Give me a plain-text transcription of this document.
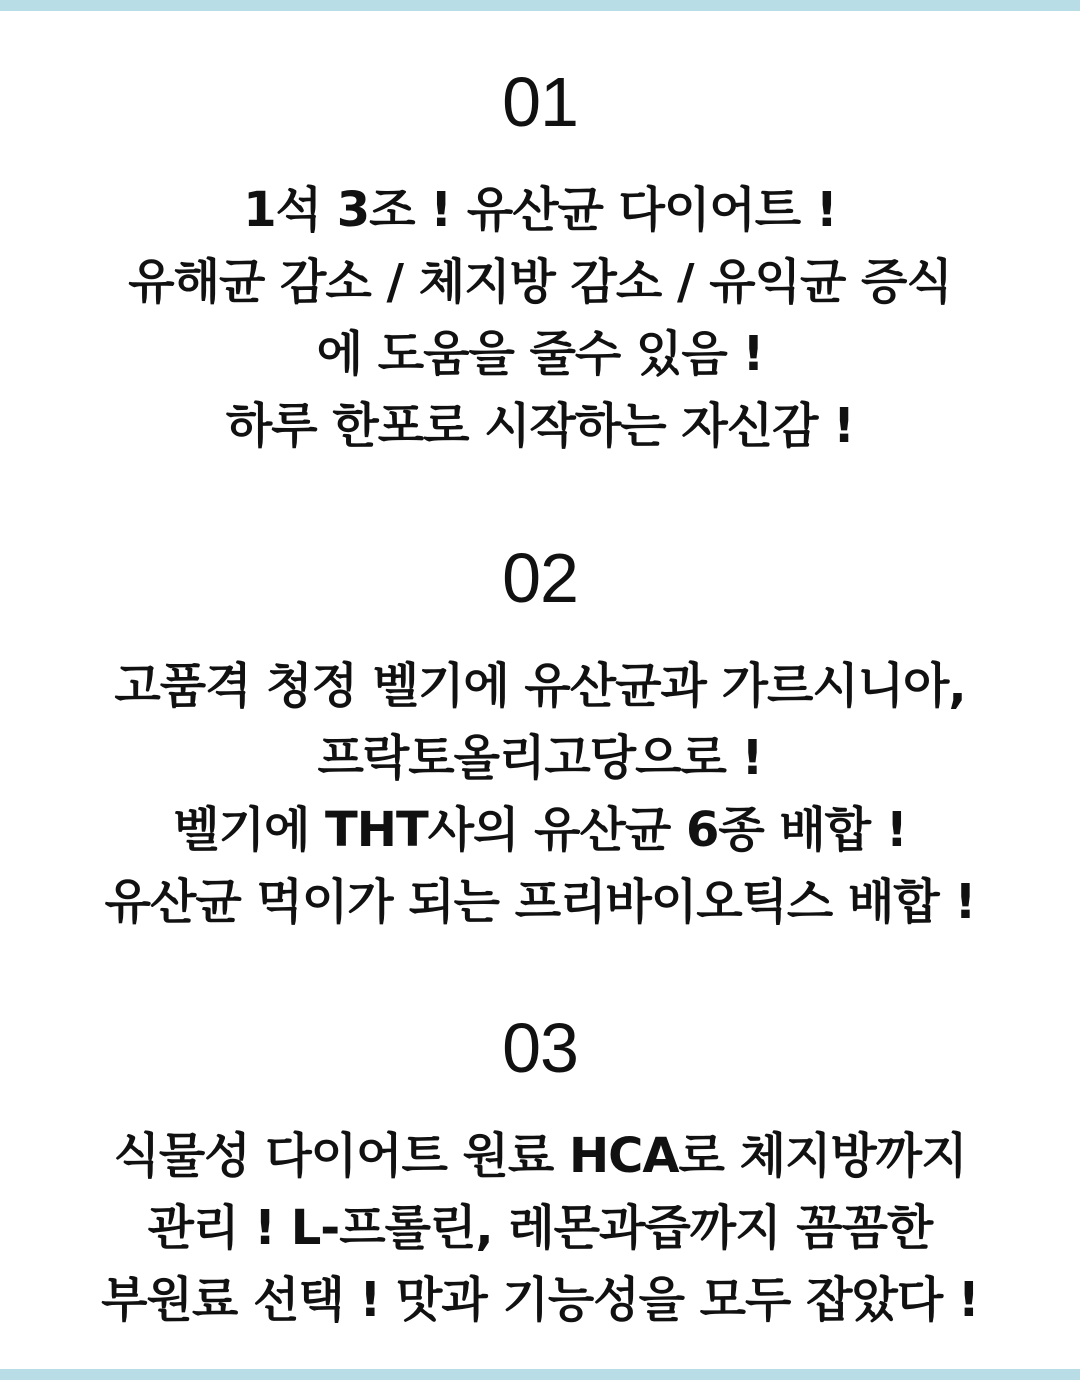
01
1석 3조 ! 유산균 다이어트 !
유해균 감소 / 체지방 감소 / 유익균 증식
에 도움을 줄수 있음 !
하루 한포로 시작하는 자신감 !
02
고품격 청정 벨기에 유산균과 가르시니아,
프락토올리고당으로 !
벨기에 THT사의 유산균 6종 배합 !
유산균 먹이가 되는 프리바이오틱스 배합 !
03
식물성 다이어트 원료 HCA로 체지방까지
관리 ! L-프롤린, 레몬과즙까지 꼼꼼한
부원료 선택 ! 맛과 기능성을 모두 잡았다 !
